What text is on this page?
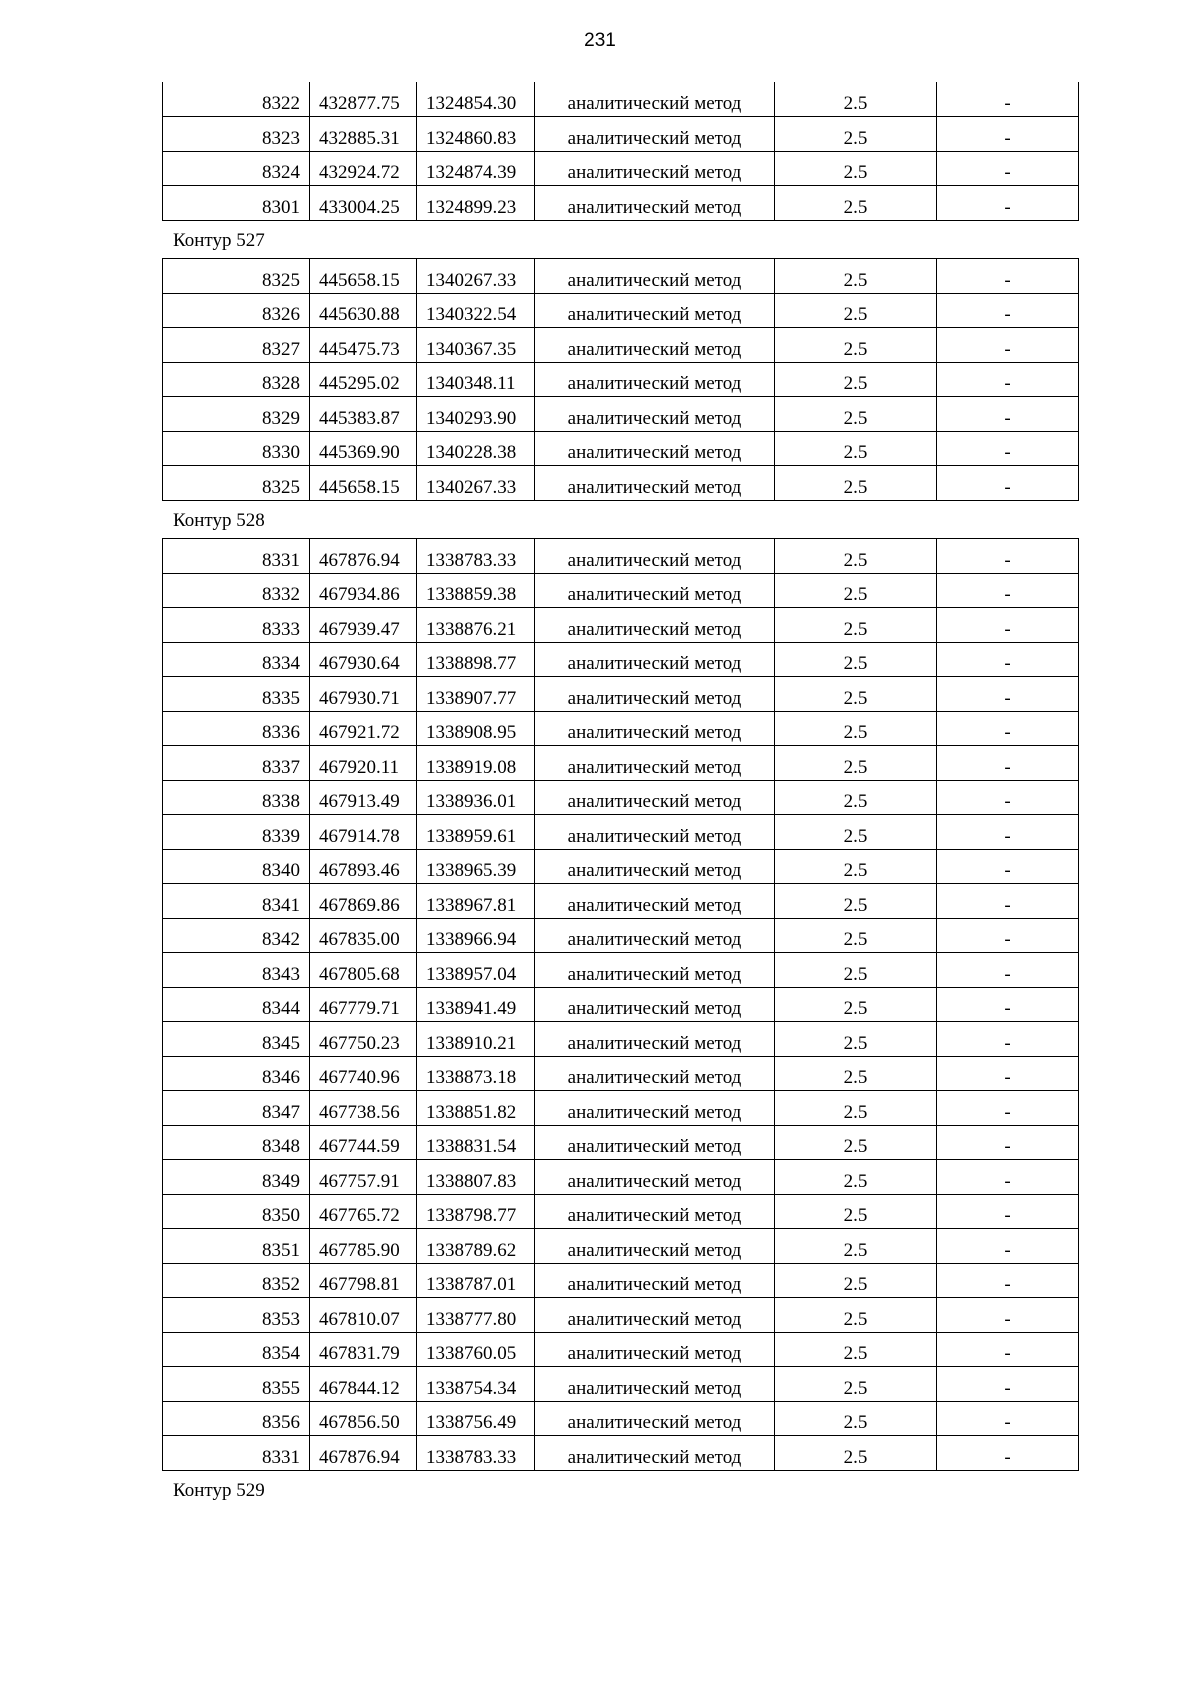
231
8322	432877.75	1324854.30	аналитический метод	2.5	-
8323	432885.31	1324860.83	аналитический метод	2.5	-
8324	432924.72	1324874.39	аналитический метод	2.5	-
8301	433004.25	1324899.23	аналитический метод	2.5	-
Контур 527
8325	445658.15	1340267.33	аналитический метод	2.5	-
8326	445630.88	1340322.54	аналитический метод	2.5	-
8327	445475.73	1340367.35	аналитический метод	2.5	-
8328	445295.02	1340348.11	аналитический метод	2.5	-
8329	445383.87	1340293.90	аналитический метод	2.5	-
8330	445369.90	1340228.38	аналитический метод	2.5	-
8325	445658.15	1340267.33	аналитический метод	2.5	-
Контур 528
8331	467876.94	1338783.33	аналитический метод	2.5	-
8332	467934.86	1338859.38	аналитический метод	2.5	-
8333	467939.47	1338876.21	аналитический метод	2.5	-
8334	467930.64	1338898.77	аналитический метод	2.5	-
8335	467930.71	1338907.77	аналитический метод	2.5	-
8336	467921.72	1338908.95	аналитический метод	2.5	-
8337	467920.11	1338919.08	аналитический метод	2.5	-
8338	467913.49	1338936.01	аналитический метод	2.5	-
8339	467914.78	1338959.61	аналитический метод	2.5	-
8340	467893.46	1338965.39	аналитический метод	2.5	-
8341	467869.86	1338967.81	аналитический метод	2.5	-
8342	467835.00	1338966.94	аналитический метод	2.5	-
8343	467805.68	1338957.04	аналитический метод	2.5	-
8344	467779.71	1338941.49	аналитический метод	2.5	-
8345	467750.23	1338910.21	аналитический метод	2.5	-
8346	467740.96	1338873.18	аналитический метод	2.5	-
8347	467738.56	1338851.82	аналитический метод	2.5	-
8348	467744.59	1338831.54	аналитический метод	2.5	-
8349	467757.91	1338807.83	аналитический метод	2.5	-
8350	467765.72	1338798.77	аналитический метод	2.5	-
8351	467785.90	1338789.62	аналитический метод	2.5	-
8352	467798.81	1338787.01	аналитический метод	2.5	-
8353	467810.07	1338777.80	аналитический метод	2.5	-
8354	467831.79	1338760.05	аналитический метод	2.5	-
8355	467844.12	1338754.34	аналитический метод	2.5	-
8356	467856.50	1338756.49	аналитический метод	2.5	-
8331	467876.94	1338783.33	аналитический метод	2.5	-
Контур 529
